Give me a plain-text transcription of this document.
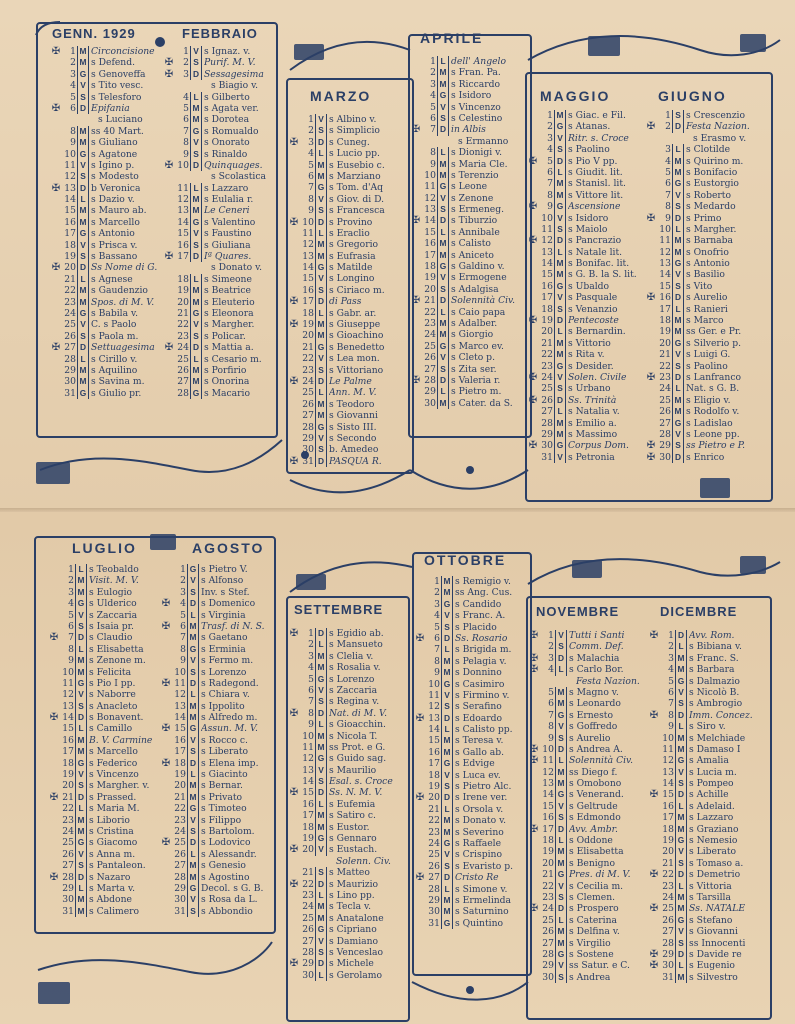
GENN. 1929	FEBBRAIO
MARZO
APRILE
MAGGIO	GIUGNO
✠	1 M Circoncisione
2 M s Defend.
3 G s Genoveffa
4 V s Tito vesc.
5 S s Telesforo
✠	6 D Epifania
s Luciano
8 M ss 40 Mart.
9 M s Giuliano
10 G s Agatone
11 V s Igino p.
12 S s Modesto
✠ 13 D b Veronica
14 L s Dazio v.
15 M s Mauro ab.
16 M s Marcello
17 G s Antonio
18 V s Prisca v.
19 S s Bassano
✠ 20 D Ss Nome di G.
21 L s Agnese
22 M s Gaudenzio
23 M Spos. di M. V.
24 G s Babila v.
25 V C. s Paolo
26 S s Paola m.
✠ 27 D Settuagesima
28 L s Cirillo v.
29 M s Aquilino
30 M s Savina m.
31 G s Giulio pr.
1 V s Ignaz. v.
✠	2 S Purif. M. V.
✠	3 D Sessagesima
s Biagio v.
4 L s Gilberto
5 M s Agata ver.
6 M s Dorotea
7 G s Romualdo
8 V s Onorato
9 S s Rinaldo
✠ 10 D Quinquages.
s Scolastica
11 L s Lazzaro
12 M s Eulalia r.
13 M Le Ceneri
14 G s Valentino
15 V s Faustino
16 S s Giuliana
✠ 17 D Iª Quares.
s Donato v.
18 L s Simeone
19 M s Beatrice
20 M s Eleuterio
21 G s Eleonora
22 V s Margher.
23 S s Policar.
✠ 24 D s Mattia a.
25 L s Cesario m.
26 M s Porfirio
27 M s Onorina
28 G s Macario
1 V s Albino v.
2 S s Simplicio
✠	3 D s Cuneg.
4 L s Lucio pp.
5 M s Eusebio c.
6 M s Marziano
7 G s Tom. d'Aq
8 V s Giov. di D.
9 S s Francesca
✠ 10 D s Provino
11 L s Eraclio
12 M s Gregorio
13 M s Eufrasia
14 G s Matilde
15 V s Longino
16 S s Ciriaco m.
✠ 17 D di Pass
18 L s Gabr. ar.
✠ 19 M s Giuseppe
20 M s Gioachino
21 G s Benedetto
22 V s Lea mon.
23 S s Vittoriano
✠ 24 D Le Palme
25 L Ann. M. V.
26 M s Teodoro
27 M s Giovanni
28 G s Sisto III.
29 V s Secondo
30 S b. Amedeo
✠ 31 D PASQUA R.
1 L dell' Angelo
2 M s Fran. Pa.
3 M s Riccardo
4 G s Isidoro
5 V s Vincenzo
6 S s Celestino
✠	7 D in Albis
s Ermanno
8 L s Dionigi v.
9 M s Maria Cle.
10 M s Terenzio
11 G s Leone
12 V s Zenone
13 S s Ermeneg.
✠ 14 D s Tiburzio
15 L s Annibale
16 M s Calisto
17 M s Aniceto
18 G s Galdino v.
19 V s Ermogene
20 S s Adalgisa
✠ 21 D Solennità Civ.
22 L s Caio papa
23 M s Adalber.
24 M s Giorgio
25 G s Marco ev.
26 V s Cleto p.
27 S s Zita ser.
✠ 28 D s Valeria r.
29 L s Pietro m.
30 M s Cater. da S.
1 M s Giac. e Fil.
2 G s Atanas.
3 V Ritr. s. Croce
4 S s Paolino
✠	5 D s Pio V pp.
6 L s Giudit. lit.
7 M s Stanisl. lit.
8 M s Vittore lit.
✠	9 G Ascensione
10 V s Isidoro
11 S s Maiolo
✠ 12 D s Pancrazio
13 L s Natale lit.
14 M s Bonifac. lit.
15 M s G. B. la S. lit.
16 G s Ubaldo
17 V s Pasquale
18 S s Venanzio
✠ 19 D Pentecoste
20 L s Bernardin.
21 M s Vittorio
22 M s Rita v.
23 G s Desider.
✠ 24 V Solen. Civile
25 S s Urbano
✠ 26 D Ss. Trinità
27 L s Natalia v.
28 M s Emilio a.
29 M s Massimo
✠ 30 G Corpus Dom.
31 V s Petronia
1 S s Crescenzio
✠	2 D Festa Nazion.
s Erasmo v.
3 L s Clotilde
4 M s Quirino m.
5 M s Bonifacio
6 G s Eustorgio
7 V s Roberto
8 S s Medardo
✠	9 D s Primo
10 L s Margher.
11 M s Barnaba
12 M s Onofrio
13 G s Antonio
14 V s Basilio
15 S s Vito
✠ 16 D s Aurelio
17 L s Ranieri
18 M s Marco
19 M ss Ger. e Pr.
20 G s Silverio p.
21 V s Luigi G.
22 S s Paolino
✠ 23 D s Lanfranco
24 L Nat. s G. B.
25 M s Eligio v.
26 M s Rodolfo v.
27 G s Ladislao
28 V s Leone pp.
✠ 29 S ss Pietro e P.
✠ 30 D s Enrico
LUGLIO	AGOSTO
SETTEMBRE
OTTOBRE
NOVEMBRE	DICEMBRE
1 L s Teobaldo
2 M Visit. M. V.
3 M s Eulogio
4 G s Ulderico
5 V s Zaccaria
6 S s Isaia pr.
✠	7 D s Claudio
8 L s Elisabetta
9 M s Zenone m.
10 M s Felicita
11 G s Pio I pp.
12 V s Naborre
13 S s Anacleto
✠ 14 D s Bonavent.
15 L s Camillo
16 M B. V. Carmine
17 M s Marcello
18 G s Federico
19 V s Vincenzo
20 S s Margher. v.
✠ 21 D s Prassed.
22 L s Maria M.
23 M s Liborio
24 M s Cristina
25 G s Giacomo
26 V s Anna m.
27 S s Pantaleon.
✠ 28 D s Nazaro
29 L s Marta v.
30 M s Abdone
31 M s Calimero
1 G s Pietro V.
2 V s Alfonso
3 S Inv. s Stef.
✠	4 D s Domenico
5 L s Virginia
✠	6 M Trasf. di N. S.
7 M s Gaetano
8 G s Erminia
9 V s Fermo m.
10 S s Lorenzo
✠ 11 D s Radegond.
12 L s Chiara v.
13 M s Ippolito
14 M s Alfredo m.
✠ 15 G Assun. M. V.
16 V s Rocco c.
17 S s Liberato
✠ 18 D s Elena imp.
19 L s Giacinto
20 M s Bernar.
21 M s Privato
22 G s Timoteo
23 V s Filippo
24 S s Bartolom.
✠ 25 D s Lodovico
26 L s Alessandr.
27 M s Genesio
28 M s Agostino
29 G Decol. s G. B.
30 V s Rosa da L.
31 S s Abbondio
✠	1 D s Egidio ab.
2 L s Mansueto
3 M s Clelia v.
4 M s Rosalia v.
5 G s Lorenzo
6 V s Zaccaria
7 S s Regina v.
✠	8 D Nat. di M. V.
9 L s Gioacchin.
10 M s Nicola T.
11 M ss Prot. e G.
12 G s Guido sag.
13 V s Maurilio
14 S Esal. s. Croce
✠ 15 D Ss. N. M. V.
16 L s Eufemia
17 M s Satiro c.
18 M s Eustor.
19 G s Gennaro
✠ 20 V s Eustach.
Solenn. Civ.
21 S s Matteo
✠ 22 D s Maurizio
23 L s Lino pp.
24 M s Tecla v.
25 M s Anatalone
26 G s Cipriano
27 V s Damiano
28 S s Venceslao
✠ 29 D s Michele
30 L s Gerolamo
1 M s Remigio v.
2 M ss Ang. Cus.
3 G s Candido
4 V s Franc. A.
5 S s Placido
✠	6 D Ss. Rosario
7 L s Brigida m.
8 M s Pelagia v.
9 M s Donnino
10 G s Casimiro
11 V s Firmino v.
12 S s Serafino
✠ 13 D s Edoardo
14 L s Calisto pp.
15 M s Teresa v.
16 M s Gallo ab.
17 G s Edvige
18 V s Luca ev.
19 S s Pietro Alc.
✠ 20 D s Irene ver.
21 L s Orsola v.
22 M s Donato v.
23 M s Severino
24 G s Raffaele
25 V s Crispino
26 S s Evaristo p.
✠ 27 D Cristo Re
28 L s Simone v.
29 M s Ermelinda
30 M s Saturnino
31 G s Quintino
✠	1 V Tutti i Santi
2 S Comm. Def.
✠	3 D s Malachia
✠	4 L s Carlo Bor.
Festa Nazion.
5 M s Magno v.
6 M s Leonardo
7 G s Ernesto
8 V s Goffredo
9 S s Aurelio
✠ 10 D s Andrea A.
✠ 11 L Solennità Civ.
12 M ss Diego f.
13 M s Omobono
14 G s Venerand.
15 V s Geltrude
16 S s Edmondo
✠ 17 D Avv. Ambr.
18 L s Oddone
19 M s Elisabetta
20 M s Benigno
21 G Pres. di M. V.
22 V s Cecilia m.
23 S s Clemen.
✠ 24 D s Prospero
25 L s Caterina
26 M s Delfina v.
27 M s Virgilio
28 G s Sostene
29 V ss Satur. e C.
30 S s Andrea
✠	1 D Avv. Rom.
2 L s Bibiana v.
3 M s Franc. S.
4 M s Barbara
5 G s Dalmazio
6 V s Nicolò B.
7 S s Ambrogio
✠	8 D Imm. Concez.
9 L s Siro v.
10 M s Melchiade
11 M s Damaso I
12 G s Amalia
13 V s Lucia m.
14 S s Pompeo
✠ 15 D s Achille
16 L s Adelaid.
17 M s Lazzaro
18 M s Graziano
19 G s Nemesio
20 V s Liberato
21 S s Tomaso a.
✠ 22 D s Demetrio
23 L s Vittoria
24 M s Tarsilla
✠ 25 M Ss. NATALE
26 G s Stefano
27 V s Giovanni
28 S ss Innocenti
✠ 29 D s Davide re
✠ 30 L s Eugenio
31 M s Silvestro
